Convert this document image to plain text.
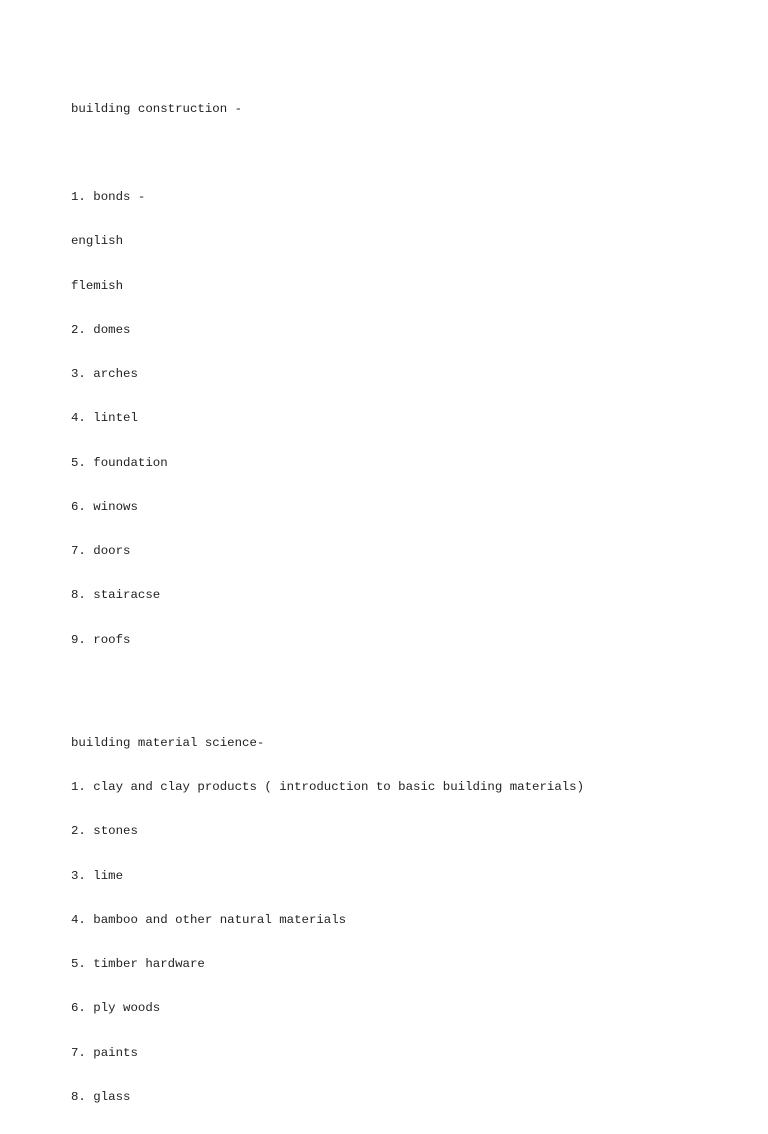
building construction -

1. bonds -

english

flemish

2. domes

3. arches

4. lintel

5. foundation

6. winows

7. doors

8. stairacse

9. roofs

building material science-

1. clay and clay products ( introduction to basic building materials)

2. stones

3. lime

4. bamboo and other natural materials

5. timber hardware

6. ply woods

7. paints

8. glass
